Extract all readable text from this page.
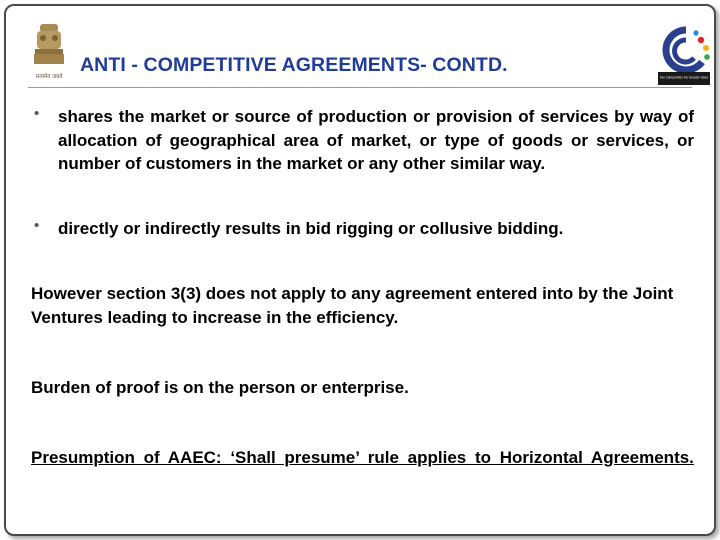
सत्यमेव जयते
ANTI - COMPETITIVE AGREEMENTS- CONTD.
Fair Competition For Greater Good
• shares the market or source of production or provision of services by way of allocation of geographical area of market, or type of goods or services, or number of customers in the market or any other similar way.
• directly or indirectly results in bid rigging or collusive bidding.
However section 3(3) does not apply to any agreement entered into by the Joint Ventures leading to increase in the efficiency.
Burden of proof is on the person or enterprise.
Presumption of AAEC: ‘Shall presume’ rule applies to Horizontal Agreements.
